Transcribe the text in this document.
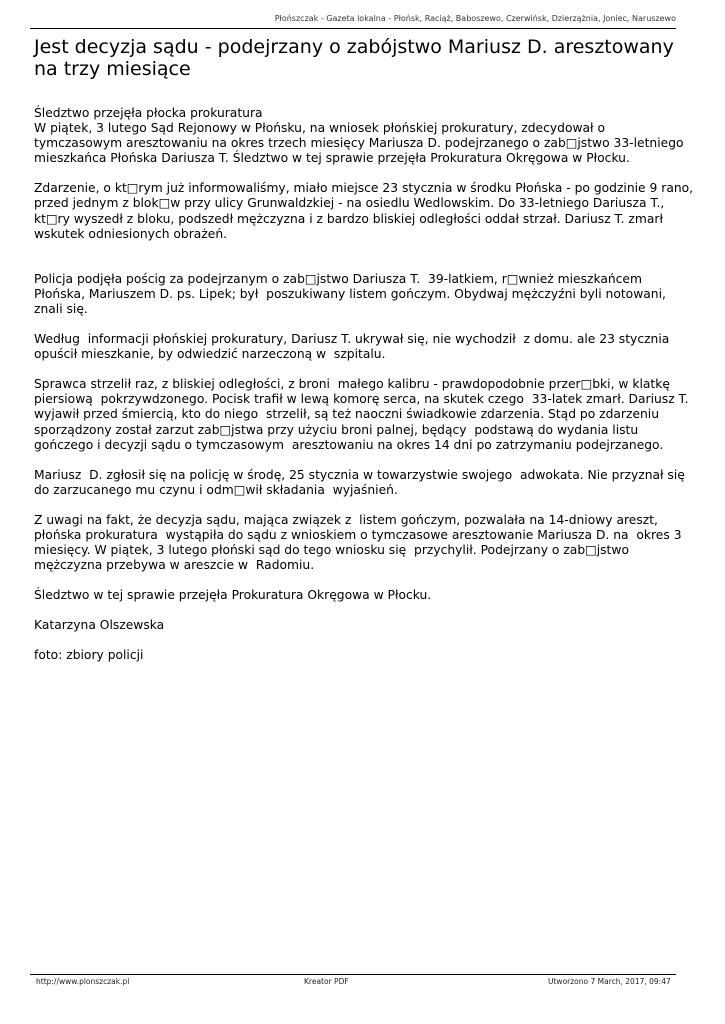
Płońszczak - Gazeta lokalna - Płońsk, Raciąż, Baboszewo, Czerwińsk, Dzierzążnia, Joniec, Naruszewo
Jest decyzja sądu - podejrzany o zabójstwo Mariusz D. aresztowany na trzy miesiące

Śledztwo przejęła płocka prokuratura
W piątek, 3 lutego Sąd Rejonowy w Płońsku, na wniosek płońskiej prokuratury, zdecydował o tymczasowym aresztowaniu na okres trzech miesięcy Mariusza D. podejrzanego o zab□jstwo 33-letniego mieszkańca Płońska Dariusza T. Śledztwo w tej sprawie przejęła Prokuratura Okręgowa w Płocku.

Zdarzenie, o kt□rym już informowaliśmy, miało miejsce 23 stycznia w środku Płońska - po godzinie 9 rano, przed jednym z blok□w przy ulicy Grunwaldzkiej - na osiedlu Wedlowskim. Do 33-letniego Dariusza T., kt□ry wyszedł z bloku, podszedł mężczyzna i z bardzo bliskiej odległości oddał strzał. Dariusz T. zmarł wskutek odniesionych obrażeń.

Policja podjęła pościg za podejrzanym o zab□jstwo Dariusza T.  39-latkiem, r□wnież mieszkańcem Płońska, Mariuszem D. ps. Lipek; był  poszukiwany listem gończym. Obydwaj mężczyźni byli notowani, znali się.

Według  informacji płońskiej prokuratury, Dariusz T. ukrywał się, nie wychodził  z domu. ale 23 stycznia opuścił mieszkanie, by odwiedzić narzeczoną w  szpitalu.

Sprawca strzelił raz, z bliskiej odległości, z broni  małego kalibru - prawdopodobnie przer□bki, w klatkę piersiową  pokrzywdzonego. Pocisk trafił w lewą komorę serca, na skutek czego  33-latek zmarł. Dariusz T. wyjawił przed śmiercią, kto do niego  strzelił, są też naoczni świadkowie zdarzenia. Stąd po zdarzeniu sporządzony został zarzut zab□jstwa przy użyciu broni palnej, będący  podstawą do wydania listu gończego i decyzji sądu o tymczasowym  aresztowaniu na okres 14 dni po zatrzymaniu podejrzanego.

Mariusz  D. zgłosił się na policję w środę, 25 stycznia w towarzystwie swojego  adwokata. Nie przyznał się do zarzucanego mu czynu i odm□wił składania  wyjaśnień.

Z uwagi na fakt, że decyzja sądu, mająca związek z  listem gończym, pozwalała na 14-dniowy areszt, płońska prokuratura  wystąpiła do sądu z wnioskiem o tymczasowe aresztowanie Mariusza D. na  okres 3 miesięcy. W piątek, 3 lutego płoński sąd do tego wniosku się  przychylił. Podejrzany o zab□jstwo mężczyzna przebywa w areszcie w  Radomiu.

Śledztwo w tej sprawie przejęła Prokuratura Okręgowa w Płocku.

Katarzyna Olszewska

foto: zbiory policji

http://www.plonszczak.pl	Kreator PDF	Utworzono 7 March, 2017, 09:47
